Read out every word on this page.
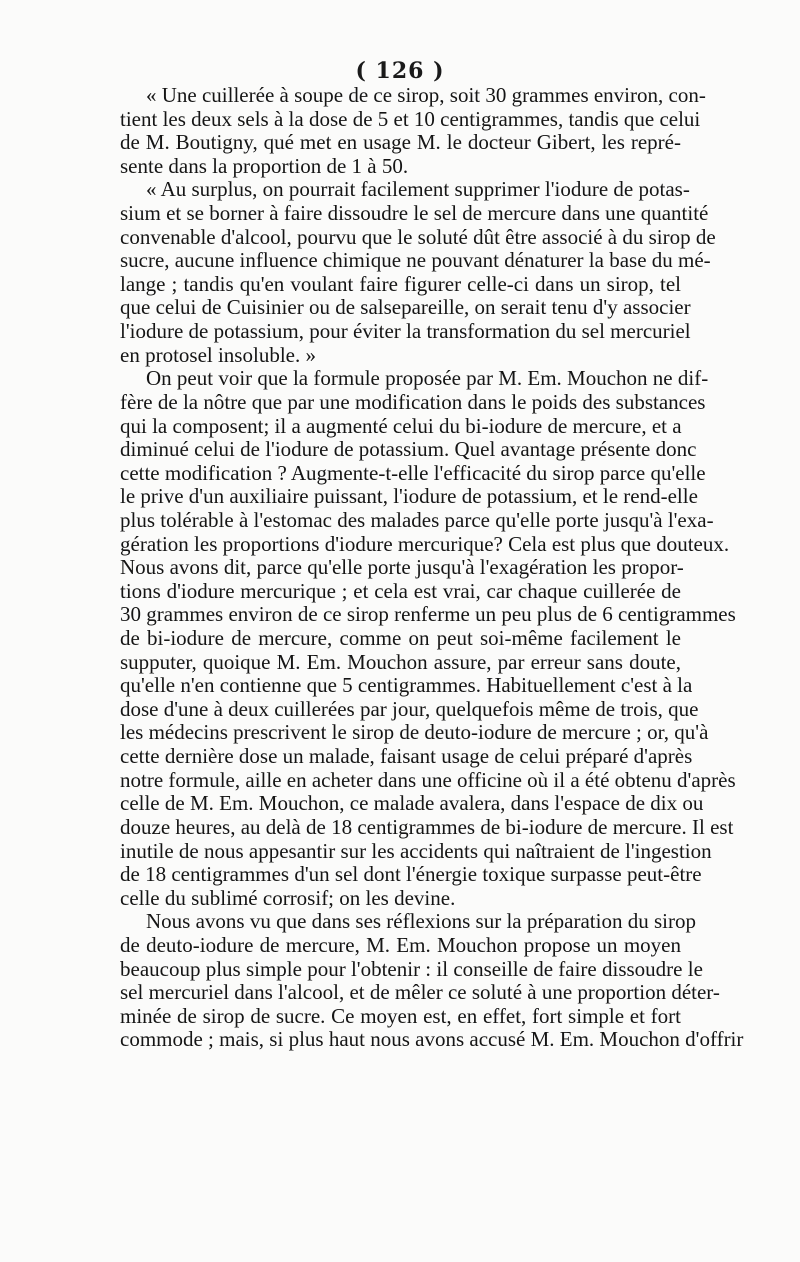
( 126 )
« Une cuillerée à soupe de ce sirop, soit 30 grammes environ, con-
tient les deux sels à la dose de 5 et 10 centigrammes, tandis que celui
de M. Boutigny, qué met en usage M. le docteur Gibert, les repré-
sente dans la proportion de 1 à 50.
« Au surplus, on pourrait facilement supprimer l'iodure de potas-
sium et se borner à faire dissoudre le sel de mercure dans une quantité
convenable d'alcool, pourvu que le soluté dût être associé à du sirop de
sucre, aucune influence chimique ne pouvant dénaturer la base du mé-
lange ; tandis qu'en voulant faire figurer celle-ci dans un sirop, tel
que celui de Cuisinier ou de salsepareille, on serait tenu d'y associer
l'iodure de potassium, pour éviter la transformation du sel mercuriel
en protosel insoluble. »
On peut voir que la formule proposée par M. Em. Mouchon ne dif-
fère de la nôtre que par une modification dans le poids des substances
qui la composent; il a augmenté celui du bi-iodure de mercure, et a
diminué celui de l'iodure de potassium. Quel avantage présente donc
cette modification ? Augmente-t-elle l'efficacité du sirop parce qu'elle
le prive d'un auxiliaire puissant, l'iodure de potassium, et le rend-elle
plus tolérable à l'estomac des malades parce qu'elle porte jusqu'à l'exa-
gération les proportions d'iodure mercurique? Cela est plus que douteux.
Nous avons dit, parce qu'elle porte jusqu'à l'exagération les propor-
tions d'iodure mercurique ; et cela est vrai, car chaque cuillerée de
30 grammes environ de ce sirop renferme un peu plus de 6 centigrammes
de bi-iodure de mercure, comme on peut soi-même facilement le
supputer, quoique M. Em. Mouchon assure, par erreur sans doute,
qu'elle n'en contienne que 5 centigrammes. Habituellement c'est à la
dose d'une à deux cuillerées par jour, quelquefois même de trois, que
les médecins prescrivent le sirop de deuto-iodure de mercure ; or, qu'à
cette dernière dose un malade, faisant usage de celui préparé d'après
notre formule, aille en acheter dans une officine où il a été obtenu d'après
celle de M. Em. Mouchon, ce malade avalera, dans l'espace de dix ou
douze heures, au delà de 18 centigrammes de bi-iodure de mercure. Il est
inutile de nous appesantir sur les accidents qui naîtraient de l'ingestion
de 18 centigrammes d'un sel dont l'énergie toxique surpasse peut-être
celle du sublimé corrosif; on les devine.
Nous avons vu que dans ses réflexions sur la préparation du sirop
de deuto-iodure de mercure, M. Em. Mouchon propose un moyen
beaucoup plus simple pour l'obtenir : il conseille de faire dissoudre le
sel mercuriel dans l'alcool, et de mêler ce soluté à une proportion déter-
minée de sirop de sucre. Ce moyen est, en effet, fort simple et fort
commode ; mais, si plus haut nous avons accusé M. Em. Mouchon d'offrir
